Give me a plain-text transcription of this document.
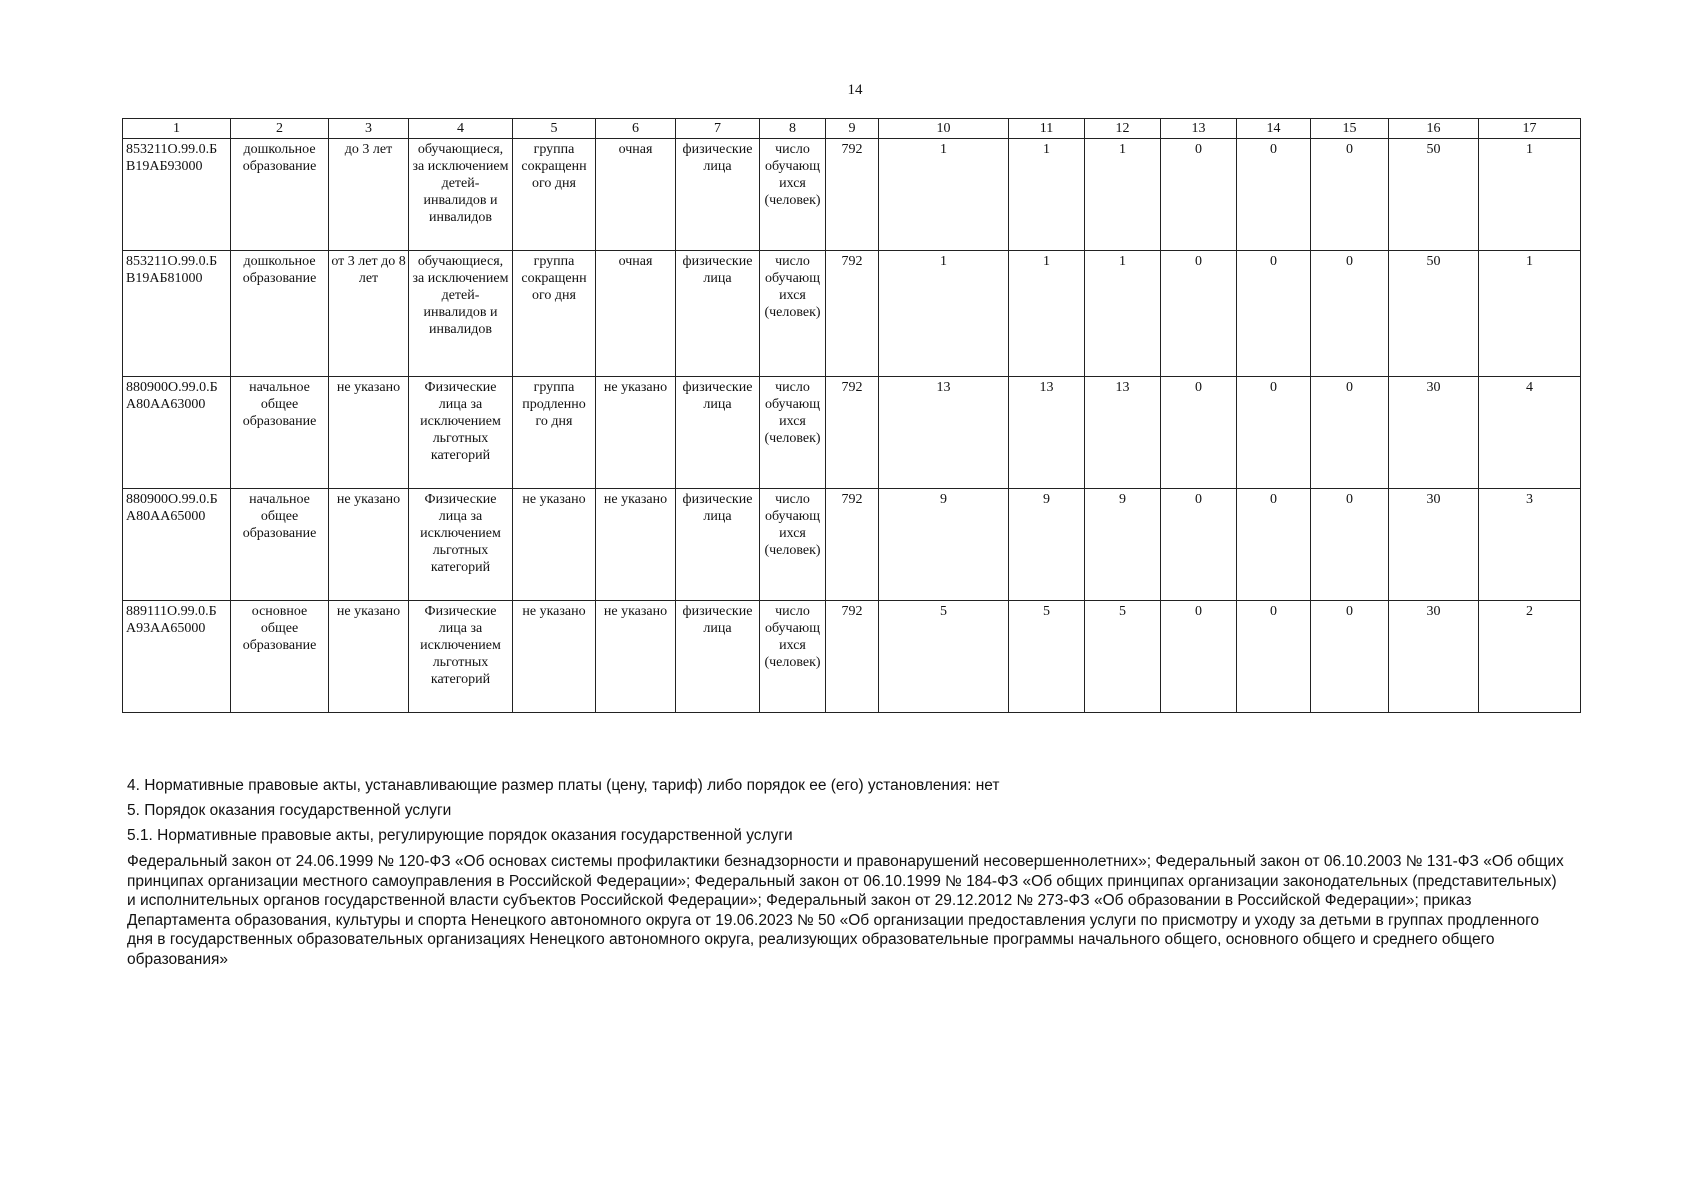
14
1	2	3	4	5	6	7	8	9	10	11	12	13	14	15	16	17
853211О.99.0.Б В19АБ93000	дошкольное образование	до 3 лет	обучающиеся, за исключением детей-инвалидов и инвалидов	группа сокращенн ого дня	очная	физические лица	число обучающ ихся (человек)	792	1	1	1	0	0	0	50	1
853211О.99.0.Б В19АБ81000	дошкольное образование	от 3 лет до 8 лет	обучающиеся, за исключением детей-инвалидов и инвалидов	группа сокращенн ого дня	очная	физические лица	число обучающ ихся (человек)	792	1	1	1	0	0	0	50	1
880900О.99.0.Б А80АА63000	начальное общее образование	не указано	Физические лица за исключением льготных категорий	группа продленно го дня	не указано	физические лица	число обучающ ихся (человек)	792	13	13	13	0	0	0	30	4
880900О.99.0.Б А80АА65000	начальное общее образование	не указано	Физические лица за исключением льготных категорий	не указано	не указано	физические лица	число обучающ ихся (человек)	792	9	9	9	0	0	0	30	3
889111О.99.0.Б А93АА65000	основное общее образование	не указано	Физические лица за исключением льготных категорий	не указано	не указано	физические лица	число обучающ ихся (человек)	792	5	5	5	0	0	0	30	2

4. Нормативные правовые акты, устанавливающие размер платы (цену, тариф) либо порядок ее (его) установления: нет

5. Порядок оказания государственной услуги

5.1. Нормативные правовые акты, регулирующие порядок оказания государственной услуги

Федеральный закон от 24.06.1999 № 120-ФЗ «Об основах системы профилактики безнадзорности и правонарушений несовершеннолетних»; Федеральный закон от 06.10.2003 № 131-ФЗ «Об общих принципах организации местного самоуправления в Российской Федерации»; Федеральный закон от 06.10.1999 № 184-ФЗ «Об общих принципах организации законодательных (представительных) и исполнительных органов государственной власти субъектов Российской Федерации»; Федеральный закон от 29.12.2012 № 273-ФЗ «Об образовании в Российской Федерации»; приказ Департамента образования, культуры и спорта Ненецкого автономного округа от 19.06.2023 № 50 «Об организации предоставления услуги по присмотру и уходу за детьми в группах продленного дня в государственных образовательных организациях Ненецкого автономного округа, реализующих образовательные программы начального общего, основного общего и среднего общего образования»
